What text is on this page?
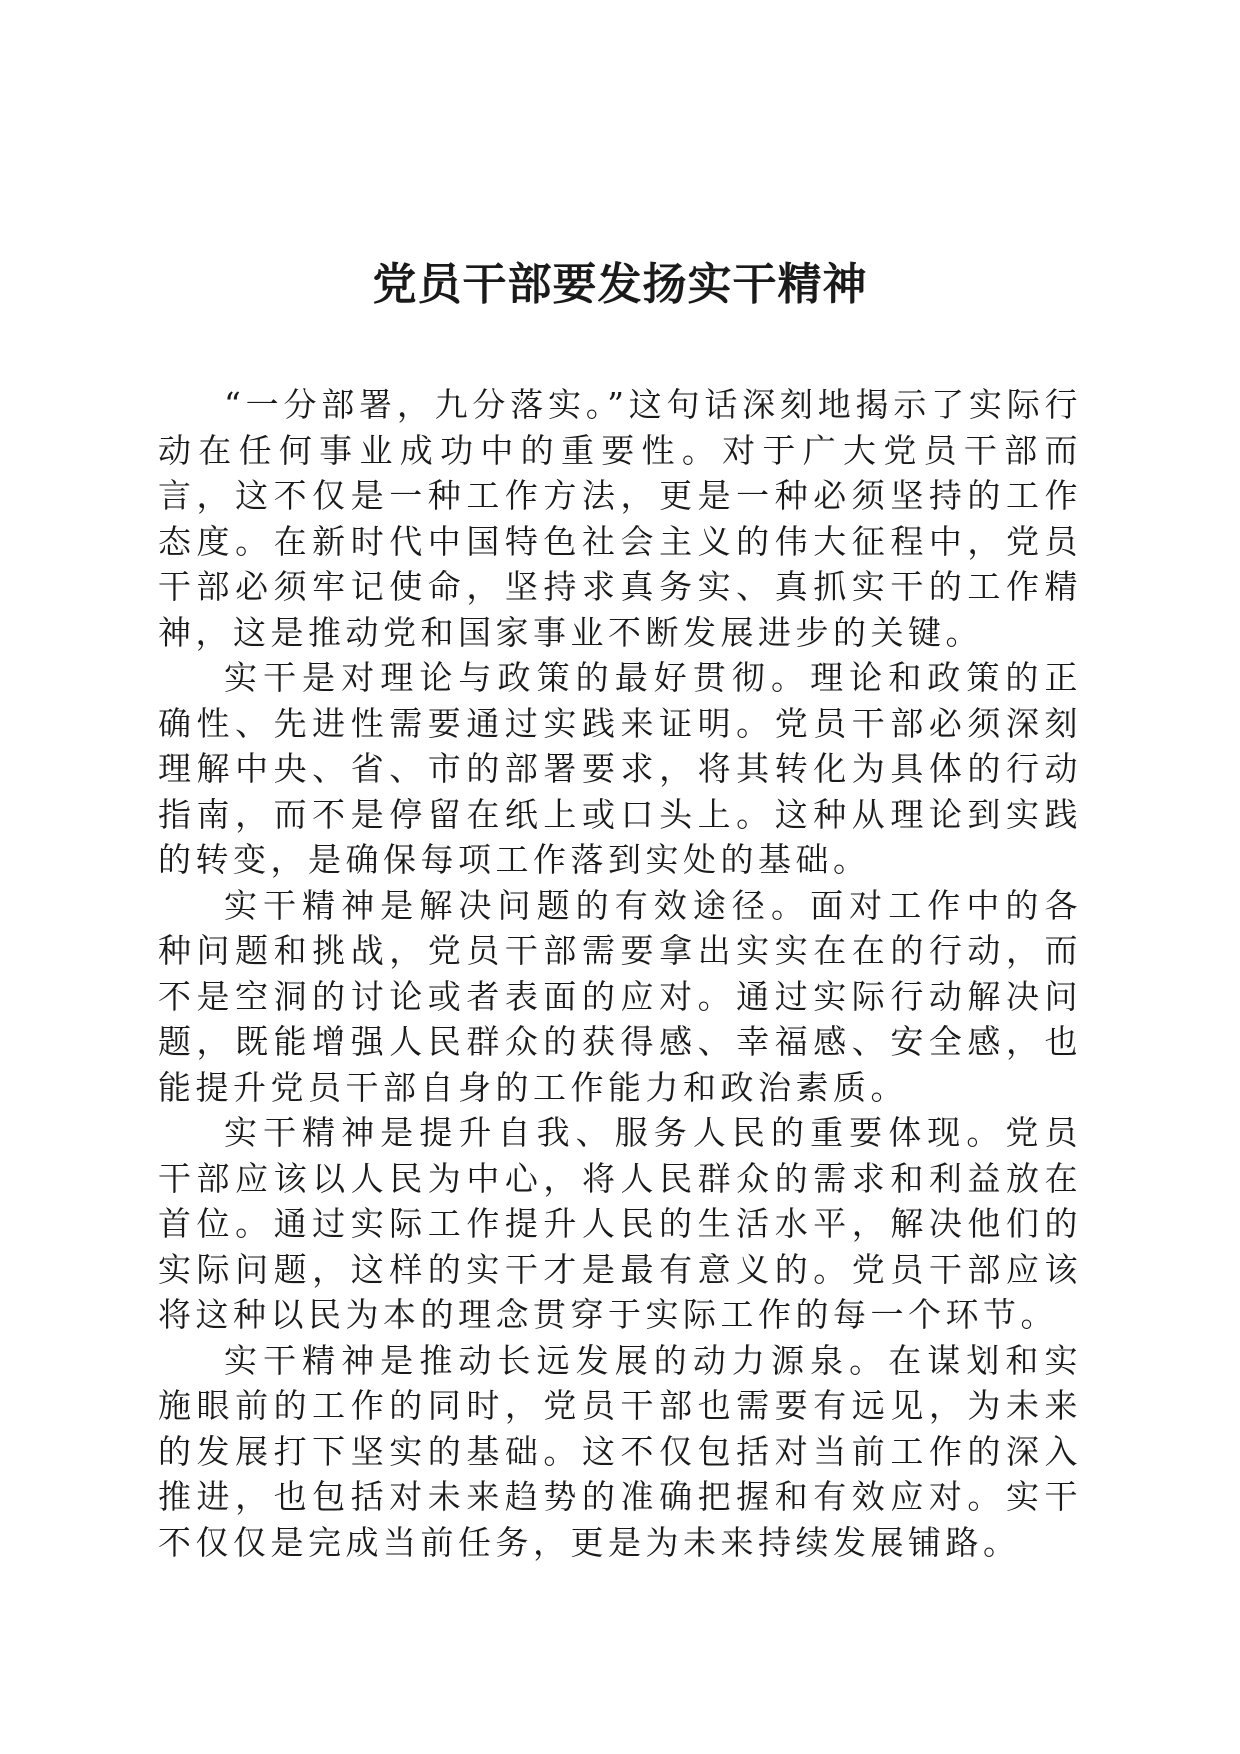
党员干部要发扬实干精神

“一分部署，九分落实。”这句话深刻地揭示了实际行动在任何事业成功中的重要性。对于广大党员干部而言，这不仅是一种工作方法，更是一种必须坚持的工作态度。在新时代中国特色社会主义的伟大征程中，党员干部必须牢记使命，坚持求真务实、真抓实干的工作精神，这是推动党和国家事业不断发展进步的关键。

实干是对理论与政策的最好贯彻。理论和政策的正确性、先进性需要通过实践来证明。党员干部必须深刻理解中央、省、市的部署要求，将其转化为具体的行动指南，而不是停留在纸上或口头上。这种从理论到实践的转变，是确保每项工作落到实处的基础。

实干精神是解决问题的有效途径。面对工作中的各种问题和挑战，党员干部需要拿出实实在在的行动，而不是空洞的讨论或者表面的应对。通过实际行动解决问题，既能增强人民群众的获得感、幸福感、安全感，也能提升党员干部自身的工作能力和政治素质。

实干精神是提升自我、服务人民的重要体现。党员干部应该以人民为中心，将人民群众的需求和利益放在首位。通过实际工作提升人民的生活水平，解决他们的实际问题，这样的实干才是最有意义的。党员干部应该将这种以民为本的理念贯穿于实际工作的每一个环节。

实干精神是推动长远发展的动力源泉。在谋划和实施眼前的工作的同时，党员干部也需要有远见，为未来的发展打下坚实的基础。这不仅包括对当前工作的深入推进，也包括对未来趋势的准确把握和有效应对。实干不仅仅是完成当前任务，更是为未来持续发展铺路。
